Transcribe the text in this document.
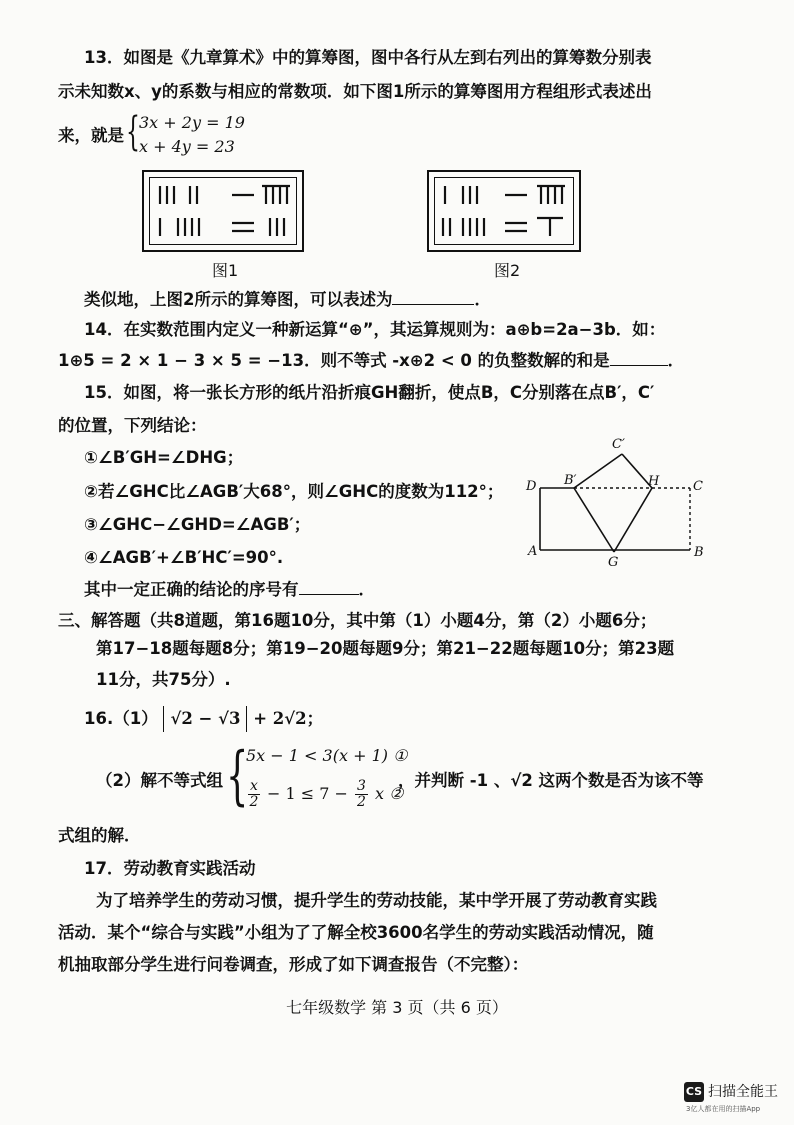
13．如图是《九章算术》中的算筹图，图中各行从左到右列出的算筹数分别表
示未知数x、y的系数与相应的常数项．如下图1所示的算筹图用方程组形式表述出
来，就是 { 3x + 2y = 19
x + 4y = 23
图1	图2
类似地，上图2所示的算筹图，可以表述为	．
14．在实数范围内定义一种新运算“⊕”，其运算规则为：a⊕b=2a−3b．如：
1⊕5 = 2 × 1 − 3 × 5 = −13．则不等式 -x⊕2 < 0 的负整数解的和是	．
15．如图，将一张长方形的纸片沿折痕GH翻折，使点B，C分别落在点B′，C′
的位置，下列结论：
①∠B′GH=∠DHG；
②若∠GHC比∠AGB′大68°，则∠GHC的度数为112°；
③∠GHC−∠GHD=∠AGB′；
④∠AGB′+∠B′HC′=90°.
其中一定正确的结论的序号有	．
D B′
C′
H	C
A
G
B
三、解答题（共8道题，第16题10分，其中第（1）小题4分，第（2）小题6分；
第17−18题每题8分；第19−20题每题9分；第21−22题每题10分；第23题
11分，共75分）.
16.（1） √2 − √3 + 2√2；
（2）解不等式组 {
5x − 1 < 3(x + 1) ①
$\frac{x}{2} - 1 \le 7 - \frac{3}{2}$ x ②
，并判断 -1 、√2 这两个数是否为该不等
式组的解．
17．劳动教育实践活动
为了培养学生的劳动习惯，提升学生的劳动技能，某中学开展了劳动教育实践
活动．某个“综合与实践”小组为了了解全校3600名学生的劳动实践活动情况，随
机抽取部分学生进行问卷调查，形成了如下调查报告（不完整）：
七年级数学 第 3 页（共 6 页）
CS 扫描全能王
3亿人都在用的扫描App
